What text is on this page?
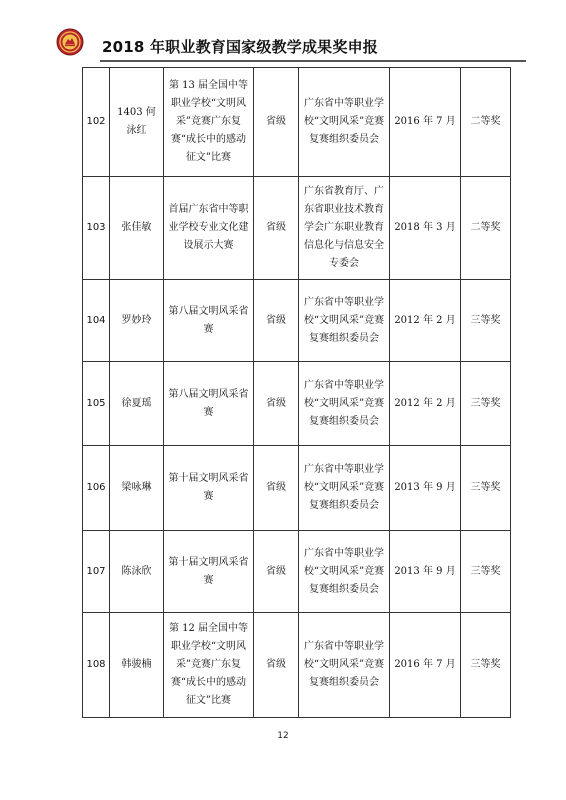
2018 年职业教育国家级教学成果奖申报
102	1403 何泳红	第 13 届全国中等职业学校“文明风采”竞赛广东复赛“成长中的感动征文”比赛	省级	广东省中等职业学校“文明风采”竞赛复赛组织委员会	2016 年 7 月	二等奖
103	张佳敏	首届广东省中等职业学校专业文化建设展示大赛	省级	广东省教育厅、广东省职业技术教育学会广东职业教育信息化与信息安全专委会	2018 年 3 月	二等奖
104	罗妙玲	第八届文明风采省赛	省级	广东省中等职业学校“文明风采”竞赛复赛组织委员会	2012 年 2 月	三等奖
105	徐夏瑶	第八届文明风采省赛	省级	广东省中等职业学校“文明风采”竞赛复赛组织委员会	2012 年 2 月	三等奖
106	梁咏琳	第十届文明风采省赛	省级	广东省中等职业学校“文明风采”竞赛复赛组织委员会	2013 年 9 月	三等奖
107	陈泳欣	第十届文明风采省赛	省级	广东省中等职业学校“文明风采”竞赛复赛组织委员会	2013 年 9 月	三等奖
108	韩骏楠	第 12 届全国中等职业学校“文明风采”竞赛广东复赛“成长中的感动征文”比赛	省级	广东省中等职业学校“文明风采”竞赛复赛组织委员会	2016 年 7 月	三等奖
12
